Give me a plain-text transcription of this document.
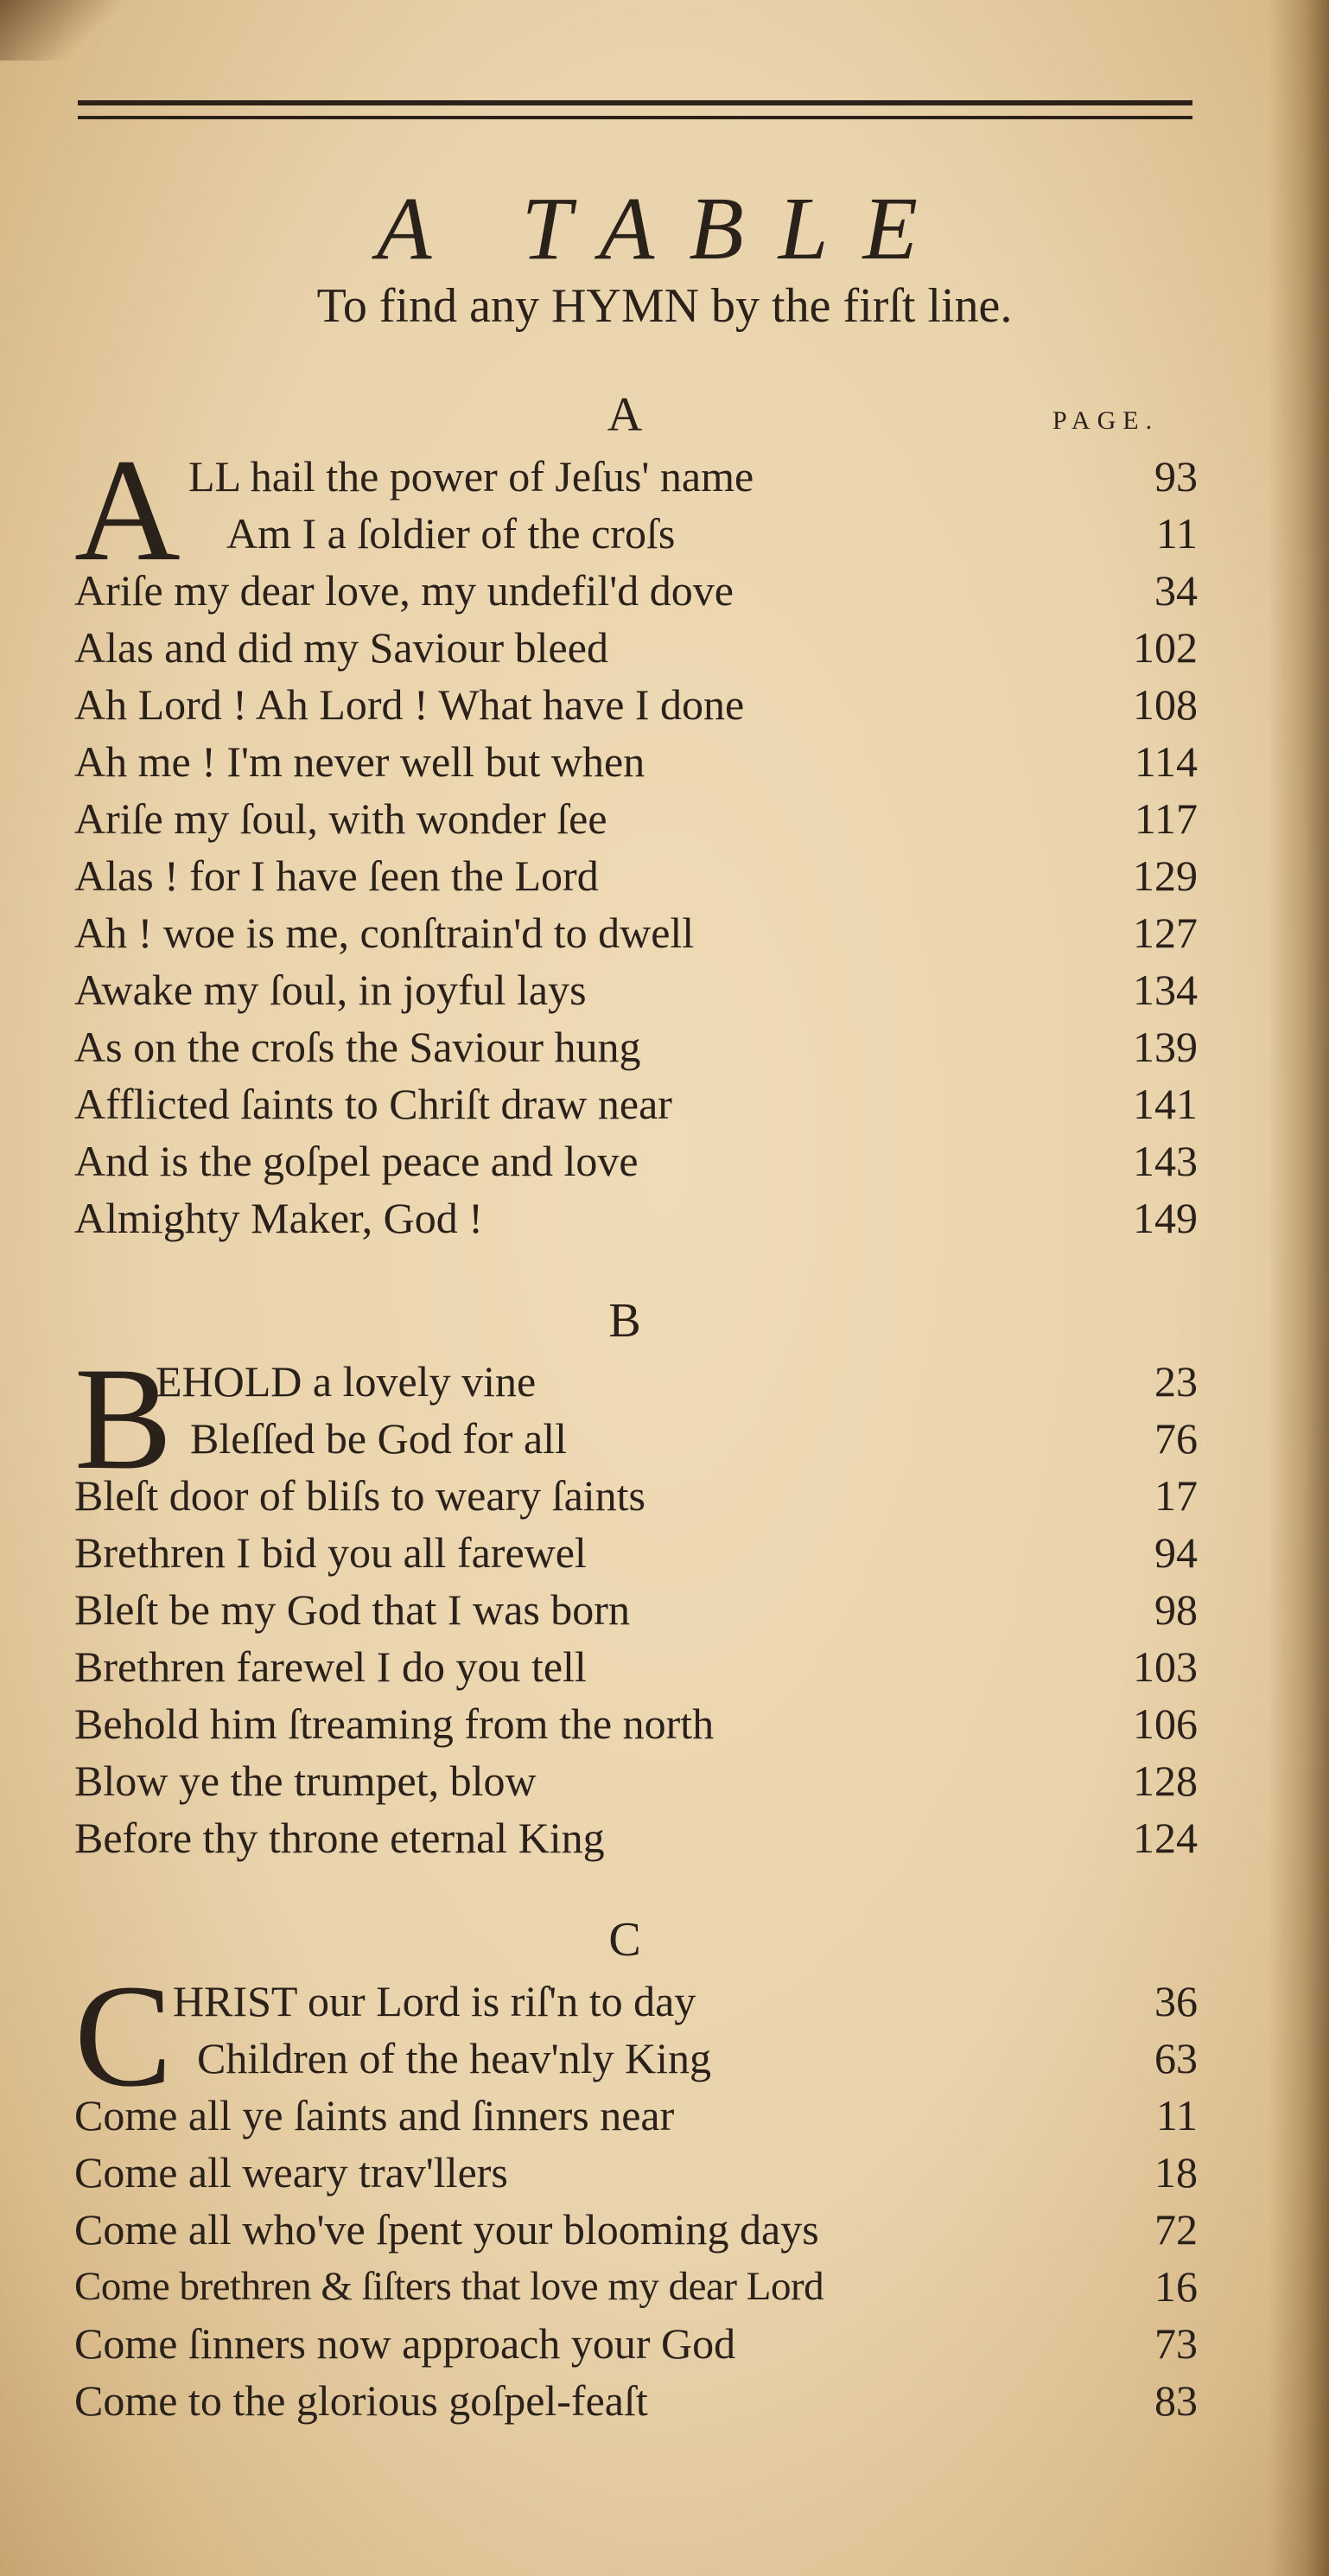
A TABLE
To find any HYMN by the firſt line.
PAGE.
A
A LL hail the power of Jeſus' name	93
Am I a ſoldier of the croſs	11
Ariſe my dear love, my undefil'd dove	34
Alas and did my Saviour bleed	102
Ah Lord ! Ah Lord ! What have I done	108
Ah me ! I'm never well but when	114
Ariſe my ſoul, with wonder ſee	117
Alas ! for I have ſeen the Lord	129
Ah ! woe is me, conſtrain'd to dwell	127
Awake my ſoul, in joyful lays	134
As on the croſs the Saviour hung	139
Afflicted ſaints to Chriſt draw near	141
And is the goſpel peace and love	143
Almighty Maker, God !	149
B
B
EHOLD a lovely vine	23
Bleſſed be God for all	76
Bleſt door of bliſs to weary ſaints	17
Brethren I bid you all farewel	94
Bleſt be my God that I was born	98
Brethren farewel I do you tell	103
Behold him ſtreaming from the north	106
Blow ye the trumpet, blow	128
Before thy throne eternal King	124
C
C HRIST our Lord is riſ'n to day	36
Children of the heav'nly King	63
Come all ye ſaints and ſinners near	11
Come all weary trav'llers	18
Come all who've ſpent your blooming days	72
Come brethren & ſiſters that love my dear Lord	16
Come ſinners now approach your God	73
Come to the glorious goſpel-feaſt	83
